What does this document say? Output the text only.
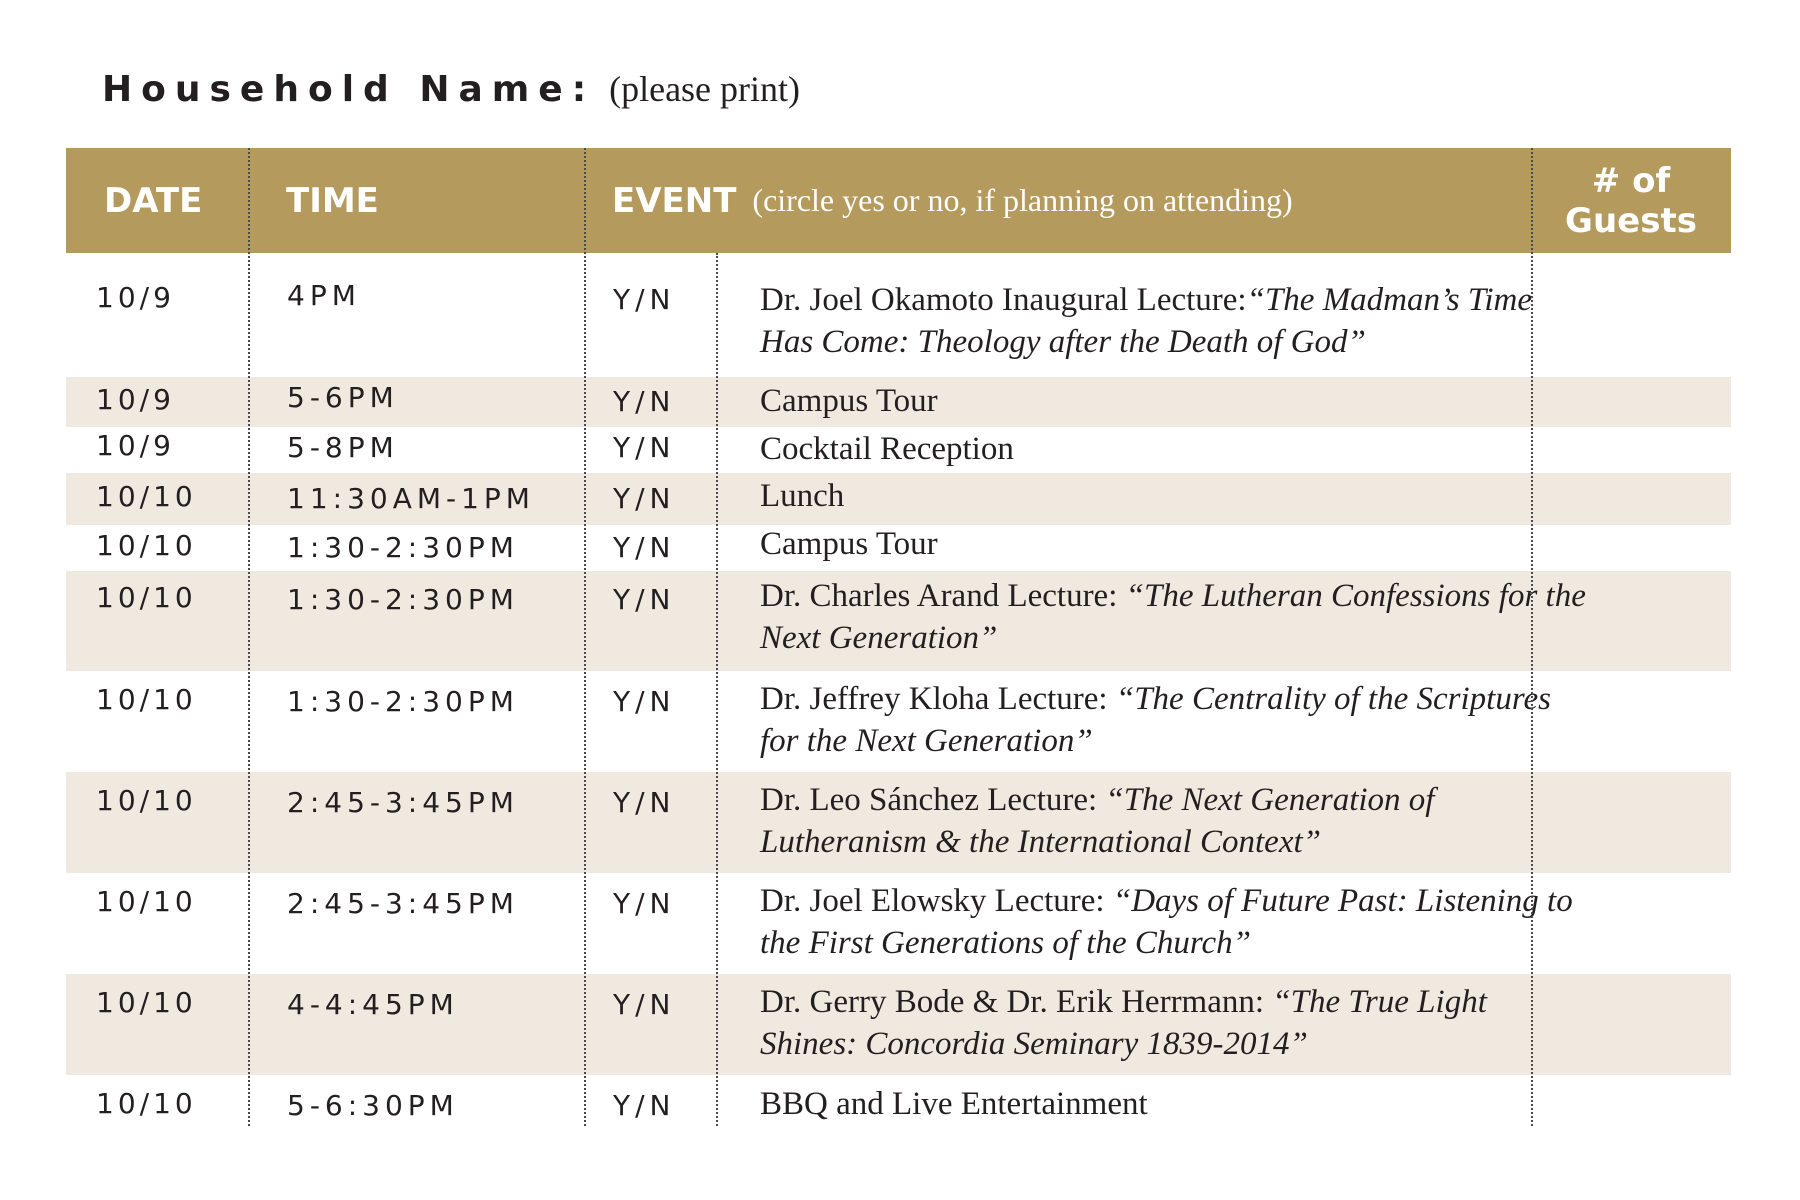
Household Name: (please print)
DATE TIME	EVENT (circle yes or no, if planning on attending)	# of
Guests
10/9	4PM	Y/N	Dr. Joel Okamoto Inaugural Lecture:“The Madman’s Time Has Come: Theology after the Death of God”
10/9	5-6PM	Y/N	Campus Tour
10/9	5-8PM	Y/N	Cocktail Reception
10/10	11:30AM-1PM	Y/N	Lunch
10/10	1:30-2:30PM	Y/N	Campus Tour
10/10	1:30-2:30PM	Y/N	Dr. Charles Arand Lecture: “The Lutheran Confessions for the Next Generation”
10/10	1:30-2:30PM	Y/N	Dr. Jeffrey Kloha Lecture: “The Centrality of the Scriptures for the Next Generation”
10/10	2:45-3:45PM	Y/N	Dr. Leo Sánchez Lecture: “The Next Generation of Lutheranism & the International Context”
10/10	2:45-3:45PM	Y/N	Dr. Joel Elowsky Lecture: “Days of Future Past: Listening to the First Generations of the Church”
10/10	4-4:45PM	Y/N	Dr. Gerry Bode & Dr. Erik Herrmann: “The True Light Shines: Concordia Seminary 1839-2014”
10/10	5-6:30PM	Y/N	BBQ and Live Entertainment
